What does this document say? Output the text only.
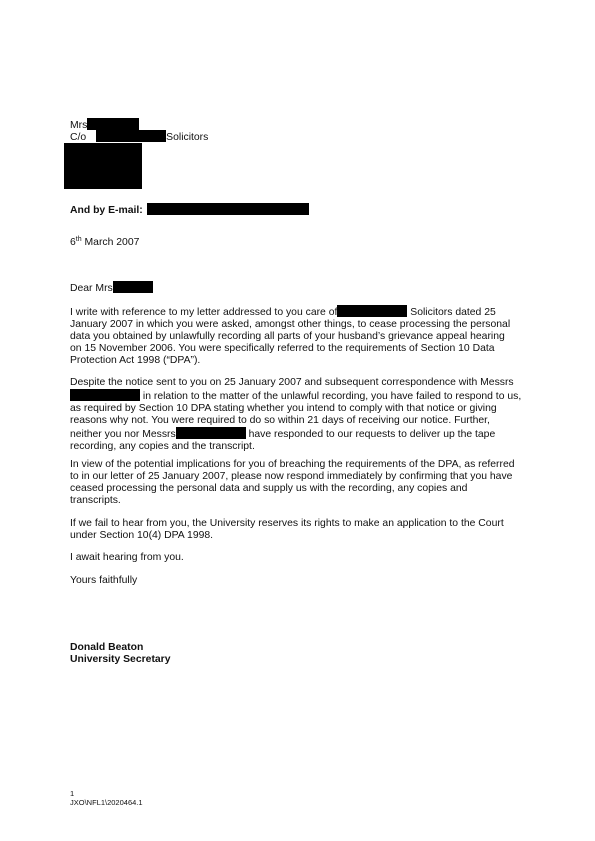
Mrs
C/o	Solicitors
And by E-mail:
6th March 2007
Dear Mrs
I write with reference to my letter addressed to you care of	Solicitors dated 25
January 2007 in which you were asked, amongst other things, to cease processing the personal
data you obtained by unlawfully recording all parts of your husband’s grievance appeal hearing
on 15 November 2006. You were specifically referred to the requirements of Section 10 Data
Protection Act 1998 (“DPA”).
Despite the notice sent to you on 25 January 2007 and subsequent correspondence with Messrs
in relation to the matter of the unlawful recording, you have failed to respond to us,
as required by Section 10 DPA stating whether you intend to comply with that notice or giving
reasons why not. You were required to do so within 21 days of receiving our notice. Further,
neither you nor Messrs	have responded to our requests to deliver up the tape
recording, any copies and the transcript.
In view of the potential implications for you of breaching the requirements of the DPA, as referred
to in our letter of 25 January 2007, please now respond immediately by confirming that you have
ceased processing the personal data and supply us with the recording, any copies and
transcripts.
If we fail to hear from you, the University reserves its rights to make an application to the Court
under Section 10(4) DPA 1998.
I await hearing from you.
Yours faithfully
Donald Beaton
University Secretary
1
JXO\NFL1\2020464.1
